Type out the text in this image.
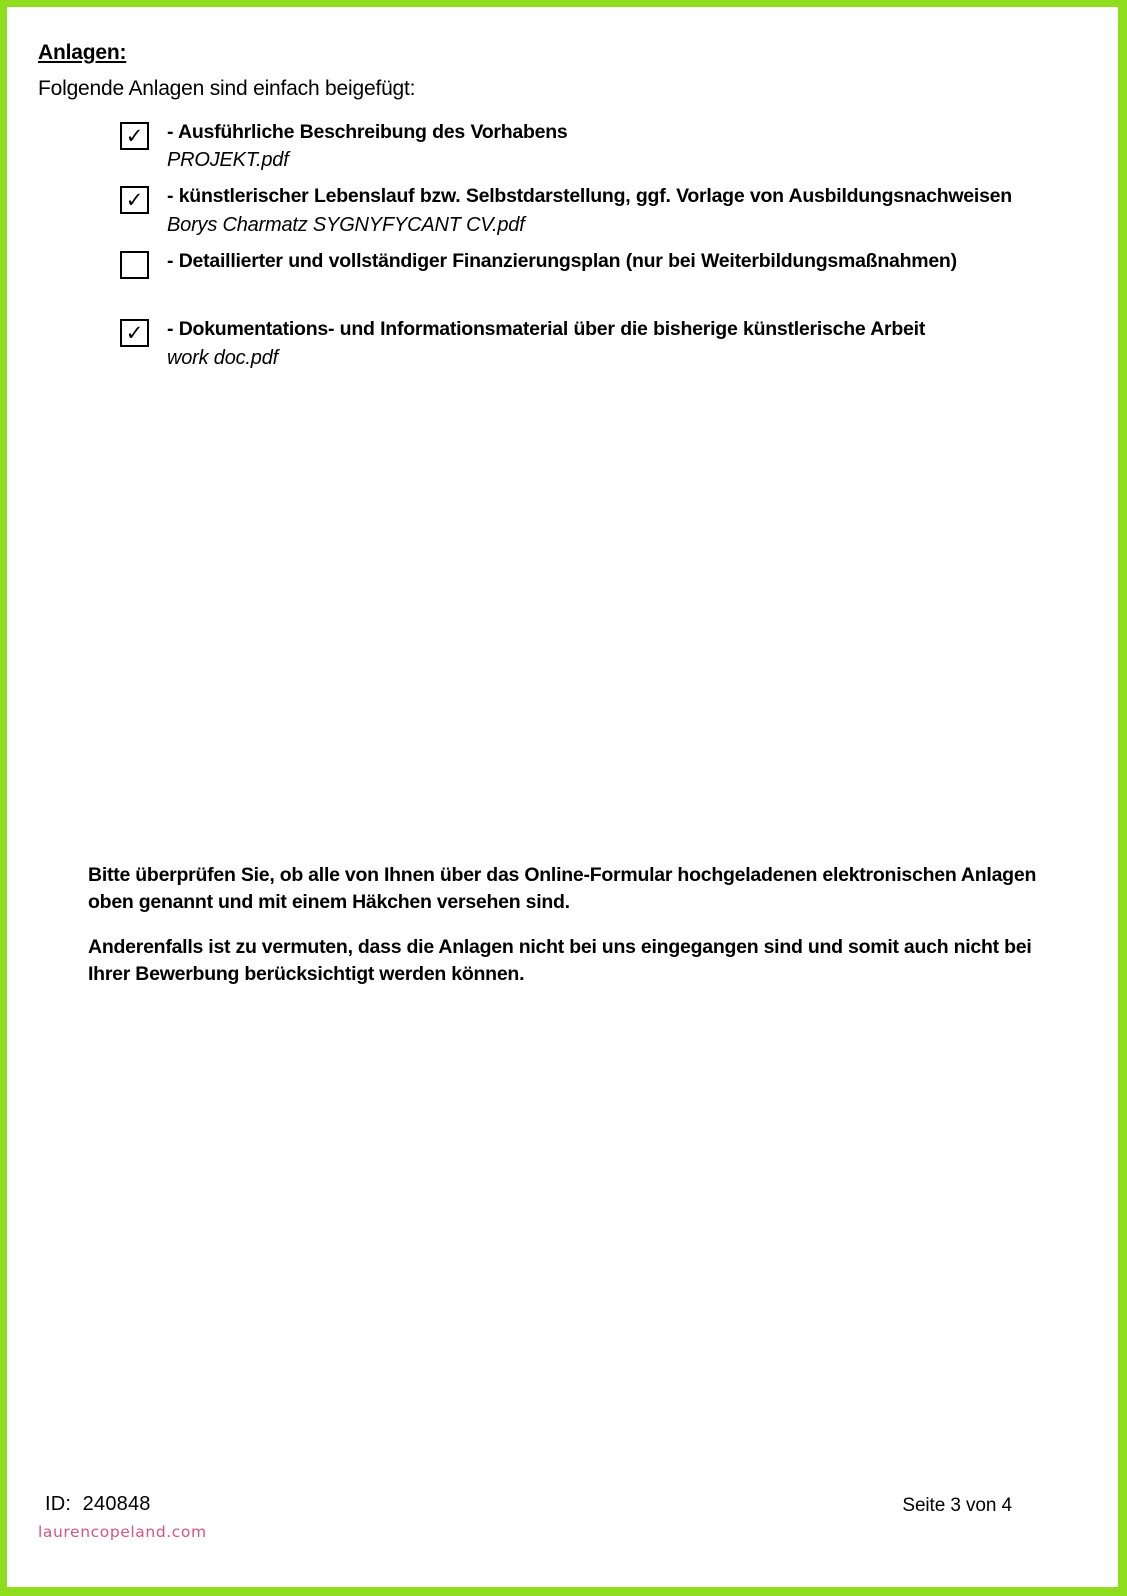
Anlagen:

Folgende Anlagen sind einfach beigefügt:

✓ - Ausführliche Beschreibung des Vorhabens
PROJEKT.pdf
✓ - künstlerischer Lebenslauf bzw. Selbstdarstellung, ggf. Vorlage von Ausbildungsnachweisen
Borys Charmatz SYGNYFYCANT CV.pdf
- Detaillierter und vollständiger Finanzierungsplan (nur bei Weiterbildungsmaßnahmen)
✓ - Dokumentations- und Informationsmaterial über die bisherige künstlerische Arbeit
work doc.pdf

Bitte überprüfen Sie, ob alle von Ihnen über das Online-Formular hochgeladenen elektronischen Anlagen oben genannt und mit einem Häkchen versehen sind.

Anderenfalls ist zu vermuten, dass die Anlagen nicht bei uns eingegangen sind und somit auch nicht bei Ihrer Bewerbung berücksichtigt werden können.

ID:  240848	Seite 3 von 4
laurencopeland.com
